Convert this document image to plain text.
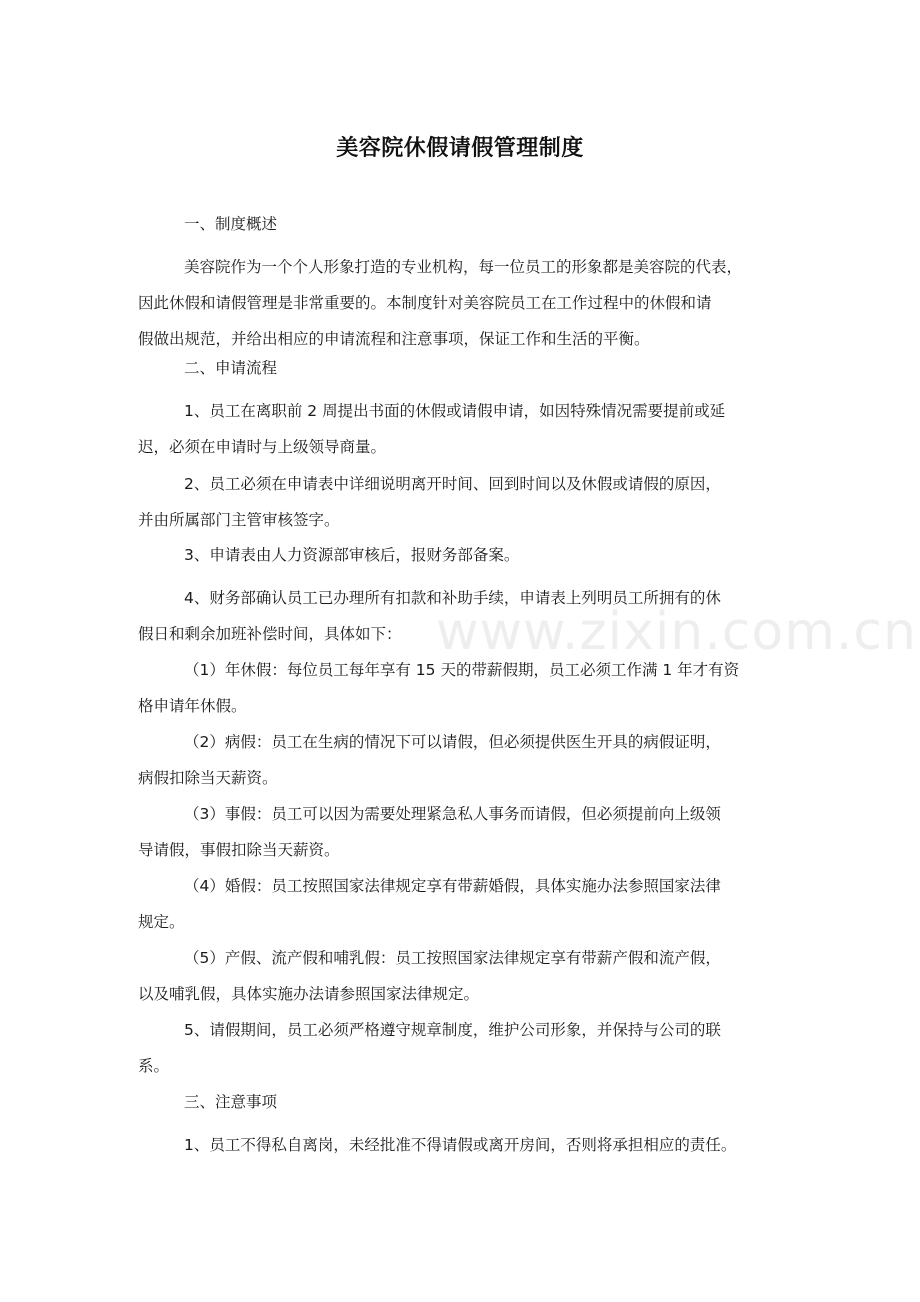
美容院休假请假管理制度
一、制度概述
美容院作为一个个人形象打造的专业机构，每一位员工的形象都是美容院的代表，
因此休假和请假管理是非常重要的。本制度针对美容院员工在工作过程中的休假和请
假做出规范，并给出相应的申请流程和注意事项，保证工作和生活的平衡。
二、申请流程
1、员工在离职前 2 周提出书面的休假或请假申请，如因特殊情况需要提前或延
迟，必须在申请时与上级领导商量。
2、员工必须在申请表中详细说明离开时间、回到时间以及休假或请假的原因，
并由所属部门主管审核签字。
3、申请表由人力资源部审核后，报财务部备案。
4、财务部确认员工已办理所有扣款和补助手续，申请表上列明员工所拥有的休
假日和剩余加班补偿时间，具体如下：
（1）年休假：每位员工每年享有 15 天的带薪假期，员工必须工作满 1 年才有资
格申请年休假。
（2）病假：员工在生病的情况下可以请假，但必须提供医生开具的病假证明，
病假扣除当天薪资。
（3）事假：员工可以因为需要处理紧急私人事务而请假，但必须提前向上级领
导请假，事假扣除当天薪资。
（4）婚假：员工按照国家法律规定享有带薪婚假，具体实施办法参照国家法律
规定。
（5）产假、流产假和哺乳假：员工按照国家法律规定享有带薪产假和流产假，
以及哺乳假，具体实施办法请参照国家法律规定。
5、请假期间，员工必须严格遵守规章制度，维护公司形象，并保持与公司的联
系。
三、注意事项
1、员工不得私自离岗，未经批准不得请假或离开房间，否则将承担相应的责任。
www.zixin.com.cn
